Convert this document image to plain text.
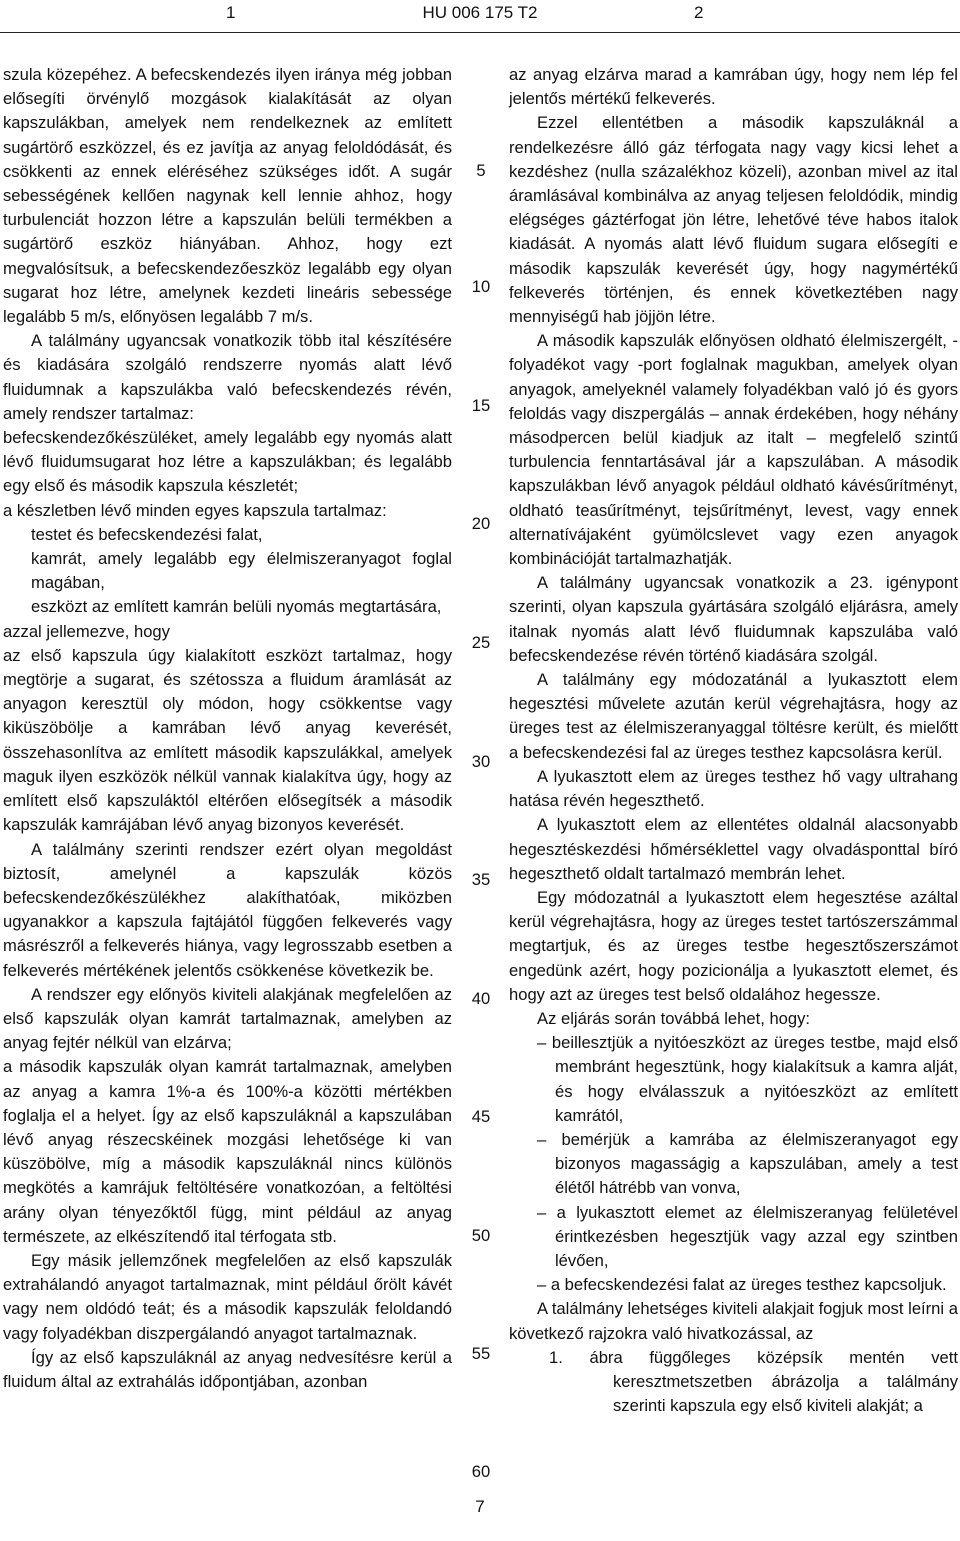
1	HU 006 175 T2	2

szula közepéhez. A befecskendezés ilyen iránya még jobban elősegíti örvénylő mozgások kialakítását az olyan kapszulákban, amelyek nem rendelkeznek az említett sugártörő eszközzel, és ez javítja az anyag feloldódását, és csökkenti az ennek eléréséhez szükséges időt. A sugár sebességének kellően nagynak kell lennie ahhoz, hogy turbulenciát hozzon létre a kapszulán belüli termékben a sugártörő eszköz hiányában. Ahhoz, hogy ezt megvalósítsuk, a befecskendezőeszköz legalább egy olyan sugarat hoz létre, amelynek kezdeti lineáris sebessége legalább 5 m/s, előnyösen legalább 7 m/s.

A találmány ugyancsak vonatkozik több ital készítésére és kiadására szolgáló rendszerre nyomás alatt lévő fluidumnak a kapszulákba való befecskendezés révén, amely rendszer tartalmaz:

befecskendezőkészüléket, amely legalább egy nyomás alatt lévő fluidumsugarat hoz létre a kapszulákban; és legalább egy első és második kapszula készletét;

a készletben lévő minden egyes kapszula tartalmaz:

testet és befecskendezési falat,

kamrát, amely legalább egy élelmiszeranyagot foglal magában,

eszközt az említett kamrán belüli nyomás megtartására,

azzal jellemezve, hogy

az első kapszula úgy kialakított eszközt tartalmaz, hogy megtörje a sugarat, és szétossza a fluidum áramlását az anyagon keresztül oly módon, hogy csökkentse vagy kiküszöbölje a kamrában lévő anyag keverését, összehasonlítva az említett második kapszulákkal, amelyek maguk ilyen eszközök nélkül vannak kialakítva úgy, hogy az említett első kapszuláktól eltérően elősegítsék a második kapszulák kamrájában lévő anyag bizonyos keverését.

A találmány szerinti rendszer ezért olyan megoldást biztosít, amelynél a kapszulák közös befecskendezőkészülékhez alakíthatóak, miközben ugyanakkor a kapszula fajtájától függően felkeverés vagy másrészről a felkeverés hiánya, vagy legrosszabb esetben a felkeverés mértékének jelentős csökkenése következik be.

A rendszer egy előnyös kiviteli alakjának megfelelően az első kapszulák olyan kamrát tartalmaznak, amelyben az anyag fejtér nélkül van elzárva;

a második kapszulák olyan kamrát tartalmaznak, amelyben az anyag a kamra 1%-a és 100%-a közötti mértékben foglalja el a helyet. Így az első kapszuláknál a kapszulában lévő anyag részecskéinek mozgási lehetősége ki van küszöbölve, míg a második kapszuláknál nincs különös megkötés a kamrájuk feltöltésére vonatkozóan, a feltöltési arány olyan tényezőktől függ, mint például az anyag természete, az elkészítendő ital térfogata stb.

Egy másik jellemzőnek megfelelően az első kapszulák extrahálandó anyagot tartalmaznak, mint például őrölt kávét vagy nem oldódó teát; és a második kapszulák feloldandó vagy folyadékban diszpergálandó anyagot tartalmaznak.

Így az első kapszuláknál az anyag nedvesítésre kerül a fluidum által az extrahálás időpontjában, azonban

az anyag elzárva marad a kamrában úgy, hogy nem lép fel jelentős mértékű felkeverés.

Ezzel ellentétben a második kapszuláknál a rendelkezésre álló gáz térfogata nagy vagy kicsi lehet a kezdéshez (nulla százalékhoz közeli), azonban mivel az ital áramlásával kombinálva az anyag teljesen feloldódik, mindig elégséges gáztérfogat jön létre, lehetővé téve habos italok kiadását. A nyomás alatt lévő fluidum sugara elősegíti e második kapszulák keverését úgy, hogy nagymértékű felkeverés történjen, és ennek következtében nagy mennyiségű hab jöjjön létre.

A második kapszulák előnyösen oldható élelmiszergélt, -folyadékot vagy -port foglalnak magukban, amelyek olyan anyagok, amelyeknél valamely folyadékban való jó és gyors feloldás vagy diszpergálás – annak érdekében, hogy néhány másodpercen belül kiadjuk az italt – megfelelő szintű turbulencia fenntartásával jár a kapszulában. A második kapszulákban lévő anyagok például oldható kávésűrítményt, oldható teasűrítményt, tejsűrítményt, levest, vagy ennek alternatívájaként gyümölcslevet vagy ezen anyagok kombinációját tartalmazhatják.

A találmány ugyancsak vonatkozik a 23. igénypont szerinti, olyan kapszula gyártására szolgáló eljárásra, amely italnak nyomás alatt lévő fluidumnak kapszulába való befecskendezése révén történő kiadására szolgál.

A találmány egy módozatánál a lyukasztott elem hegesztési művelete azután kerül végrehajtásra, hogy az üreges test az élelmiszeranyaggal töltésre került, és mielőtt a befecskendezési fal az üreges testhez kapcsolásra kerül.

A lyukasztott elem az üreges testhez hő vagy ultrahang hatása révén hegeszthető.

A lyukasztott elem az ellentétes oldalnál alacsonyabb hegesztéskezdési hőmérséklettel vagy olvadásponttal bíró hegeszthető oldalt tartalmazó membrán lehet.

Egy módozatnál a lyukasztott elem hegesztése azáltal kerül végrehajtásra, hogy az üreges testet tartószerszámmal megtartjuk, és az üreges testbe hegesztőszerszámot engedünk azért, hogy pozicionálja a lyukasztott elemet, és hogy azt az üreges test belső oldalához hegessze.

Az eljárás során továbbá lehet, hogy:

– beillesztjük a nyitóeszközt az üreges testbe, majd első membránt hegesztünk, hogy kialakítsuk a kamra alját, és hogy elválasszuk a nyitóeszközt az említett kamrától,

– bemérjük a kamrába az élelmiszeranyagot egy bizonyos magasságig a kapszulában, amely a test élétől hátrébb van vonva,

– a lyukasztott elemet az élelmiszeranyag felületével érintkezésben hegesztjük vagy azzal egy szintben lévően,

– a befecskendezési falat az üreges testhez kapcsoljuk.

A találmány lehetséges kiviteli alakjait fogjuk most leírni a következő rajzokra való hivatkozással, az

1. ábra függőleges középsík mentén vett keresztmetszetben ábrázolja a találmány szerinti kapszula egy első kiviteli alakját; a

5
10
15
20
25
30
35
40
45
50
55
60
7
